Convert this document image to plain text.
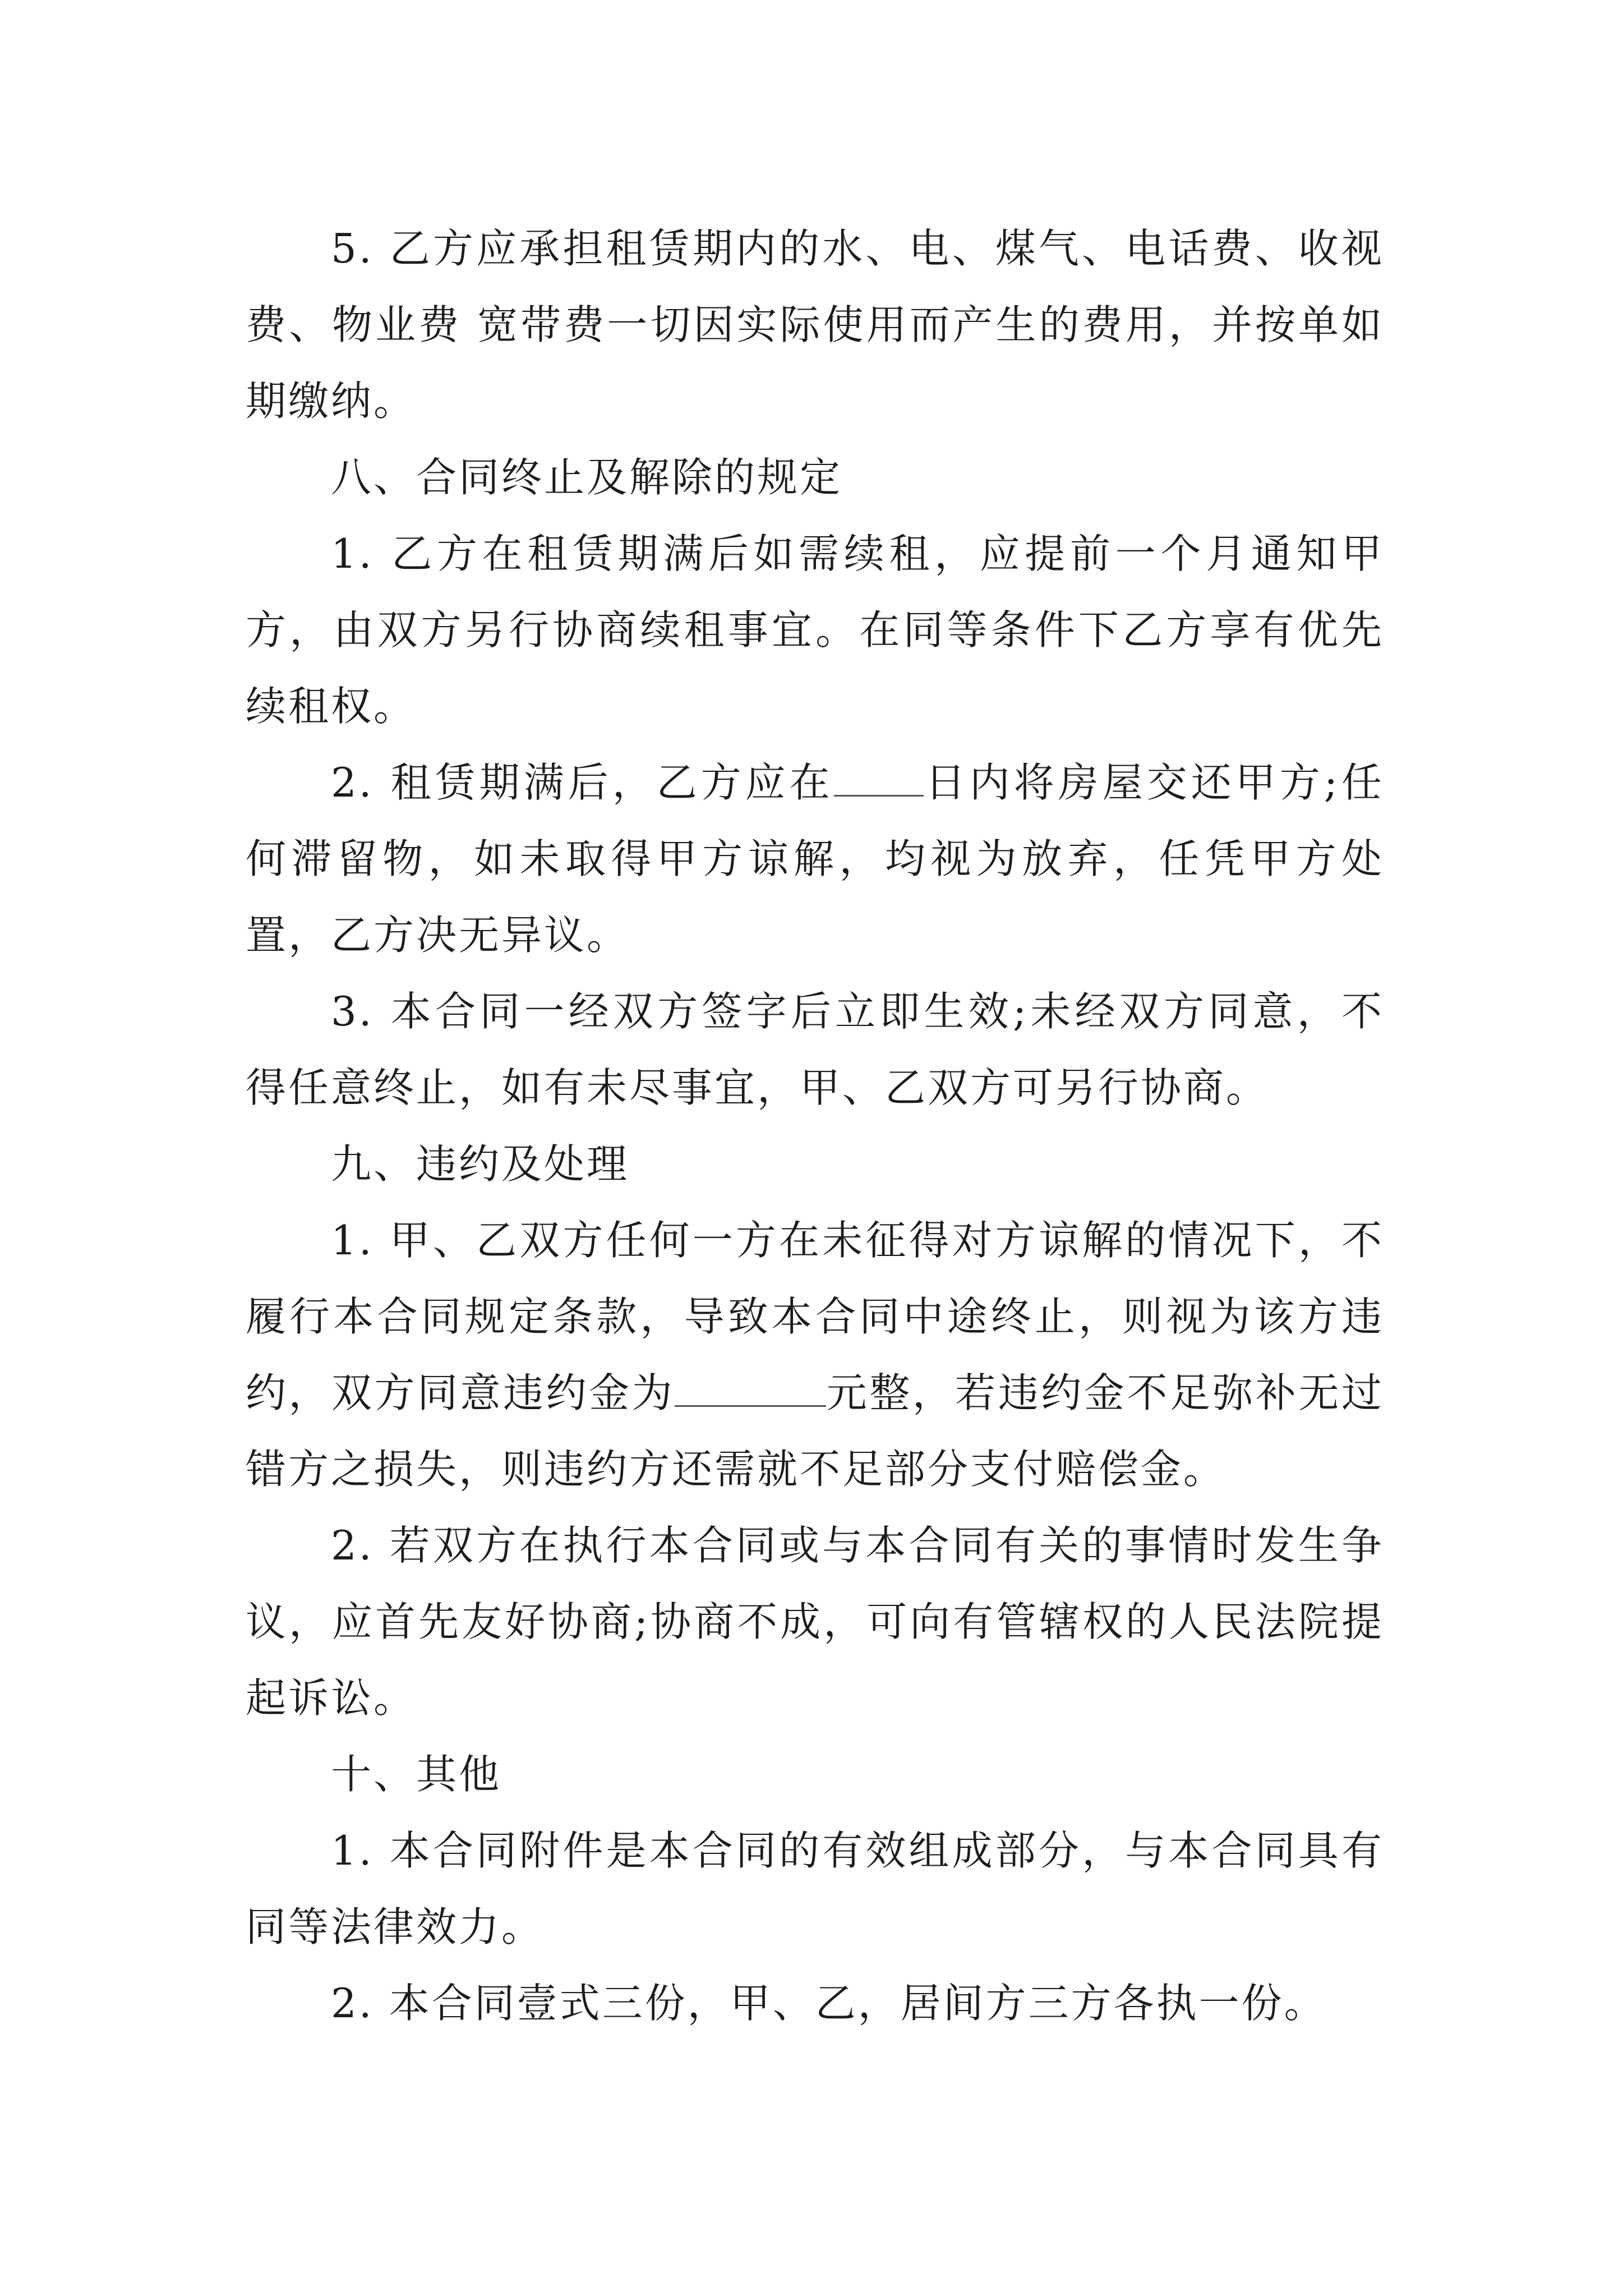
5. 乙方应承担租赁期内的水、电、煤气、电话费、收视费、物业费 宽带费一切因实际使用而产生的费用，并按单如期缴纳。

八、合同终止及解除的规定

1. 乙方在租赁期满后如需续租，应提前一个月通知甲方，由双方另行协商续租事宜。在同等条件下乙方享有优先续租权。

2. 租赁期满后，乙方应在 日内将房屋交还甲方;任何滞留物，如未取得甲方谅解，均视为放弃，任凭甲方处置，乙方决无异议。

3. 本合同一经双方签字后立即生效;未经双方同意，不得任意终止，如有未尽事宜，甲、乙双方可另行协商。

九、违约及处理

1. 甲、乙双方任何一方在未征得对方谅解的情况下，不履行本合同规定条款，导致本合同中途终止，则视为该方违约，双方同意违约金为	元整，若违约金不足弥补无过错方之损失，则违约方还需就不足部分支付赔偿金。

2. 若双方在执行本合同或与本合同有关的事情时发生争议，应首先友好协商;协商不成，可向有管辖权的人民法院提起诉讼。

十、其他

1. 本合同附件是本合同的有效组成部分，与本合同具有同等法律效力。

2. 本合同壹式三份，甲、乙，居间方三方各执一份。
